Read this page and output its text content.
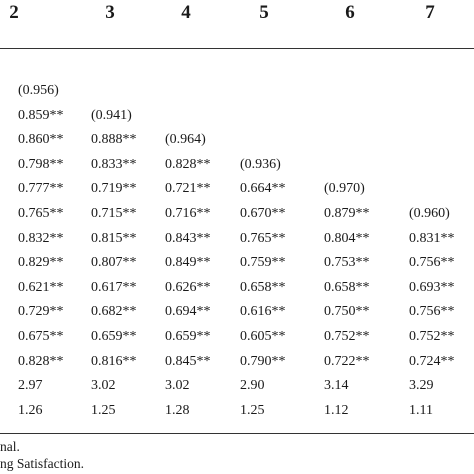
2	3	4	5	6	7
(0.956)
0.859** (0.941)
0.860** 0.888** (0.964)
0.798** 0.833** 0.828** (0.936)
0.777** 0.719** 0.721** 0.664**	(0.970)
0.765** 0.715** 0.716** 0.670**	0.879**	(0.960)
0.832** 0.815** 0.843** 0.765**	0.804**	0.831**
0.829** 0.807** 0.849** 0.759**	0.753**	0.756**
0.621** 0.617** 0.626** 0.658**	0.658**	0.693**
0.729** 0.682** 0.694** 0.616**	0.750**	0.756**
0.675** 0.659** 0.659** 0.605**	0.752**	0.752**
0.828** 0.816** 0.845** 0.790**	0.722**	0.724**
2.97	3.02	3.02	2.90	3.14	3.29
1.26	1.25	1.28	1.25	1.12	1.11
nal.
ng Satisfaction.
